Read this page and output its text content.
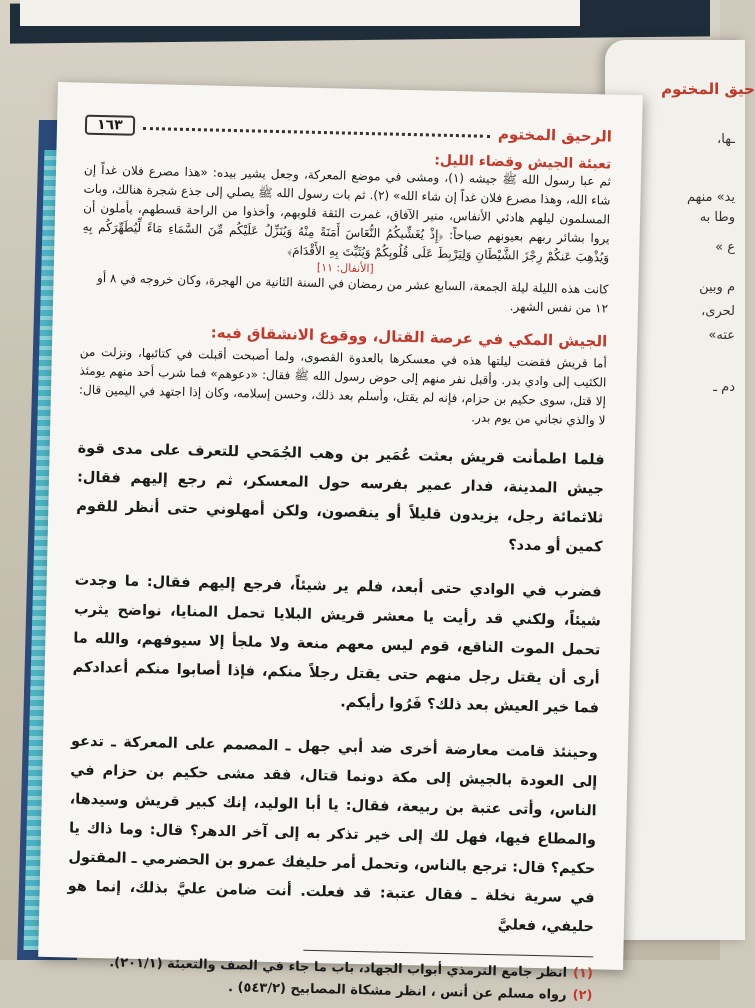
حيق المختوم
ـها،
يد» منهم
وطا به
ع »
م وبين
لحرى،
عته»
دم ـ
الرحيق المختوم
١٦٣
تعبئة الجيش وقضاء الليل:

ثم عبا رسول الله ﷺ جيشه (١)، ومشى في موضع المعركة، وجعل يشير بيده: «هذا مصرع فلان غداً إن شاء الله، وهذا مصرع فلان غداً إن شاء الله» (٢). ثم بات رسول الله ﷺ يصلي إلى جذع شجرة هنالك، وبات المسلمون ليلهم هادئي الأنفاس، منير الآفاق، غمرت الثقة قلوبهم، وأخذوا من الراحة قسطهم، يأملون أن يروا بشائر ربهم بعيونهم صباحاً: ﴿إِذْ يُغَشِّيكُمُ النُّعَاسَ أَمَنَةً مِنْهُ وَيُنَزِّلُ عَلَيْكُم مِّنَ السَّمَاءِ مَاءً لِّيُطَهِّرَكُم بِهِ وَيُذْهِبَ عَنكُمْ رِجْزَ الشَّيْطَانِ وَلِيَرْبِطَ عَلَى قُلُوبِكُمْ وَيُثَبِّتَ بِهِ الأَقْدَامَ﴾

[الأنفال: ١١]

كانت هذه الليلة ليلة الجمعة، السابع عشر من رمضان في السنة الثانية من الهجرة، وكان خروجه في ٨ أو ١٢ من نفس الشهر.

الجيش المكي في عرصة القتال، ووقوع الانشقاق فيه:

أما قريش فقضت ليلتها هذه في معسكرها بالعدوة القصوى، ولما أصبحت أقبلت في كتائبها، ونزلت من الكثيب إلى وادي بدر. وأقبل نفر منهم إلى حوض رسول الله ﷺ فقال: «دعوهم» فما شرب أحد منهم يومئذ إلا قتل، سوى حكيم بن حزام، فإنه لم يقتل، وأسلم بعد ذلك، وحسن إسلامه، وكان إذا اجتهد في اليمين قال: لا والذي نجاني من يوم بدر.

فلما اطمأنت قريش بعثت عُمَير بن وهب الجُمَحي للتعرف على مدى قوة جيش المدينة، فدار عمير بفرسه حول المعسكر، ثم رجع إليهم فقال: ثلاثمائة رجل، يزيدون قليلاً أو ينقصون، ولكن أمهلوني حتى أنظر للقوم كمين أو مدد؟

فضرب في الوادي حتى أبعد، فلم ير شيئاً، فرجع إليهم فقال: ما وجدت شيئاً، ولكني قد رأيت يا معشر قريش البلايا تحمل المنايا، نواضح يثرب تحمل الموت الناقع، قوم ليس معهم منعة ولا ملجأ إلا سيوفهم، والله ما أرى أن يقتل رجل منهم حتى يقتل رجلاً منكم، فإذا أصابوا منكم أعدادكم فما خير العيش بعد ذلك؟ فَرُوا رأيكم.

وحينئذ قامت معارضة أخرى ضد أبي جهل ـ المصمم على المعركة ـ تدعو إلى العودة بالجيش إلى مكة دونما قتال، فقد مشى حكيم بن حزام في الناس، وأتى عتبة بن ربيعة، فقال: يا أبا الوليد، إنك كبير قريش وسيدها، والمطاع فيها، فهل لك إلى خير تذكر به إلى آخر الدهر؟ قال: وما ذاك يا حكيم؟ قال: ترجع بالناس، وتحمل أمر حليفك عمرو بن الحضرمي ـ المقتول في سرية نخلة ـ فقال عتبة: قد فعلت. أنت ضامن عليَّ بذلك، إنما هو حليفي، فعليَّ

(١)انظر جامع الترمذي أبواب الجهاد، باب ما جاء في الصف والتعبئة (٢٠١/١).
(٢)رواه مسلم عن أنس ، انظر مشكاة المصابيح (٥٤٣/٢) .
